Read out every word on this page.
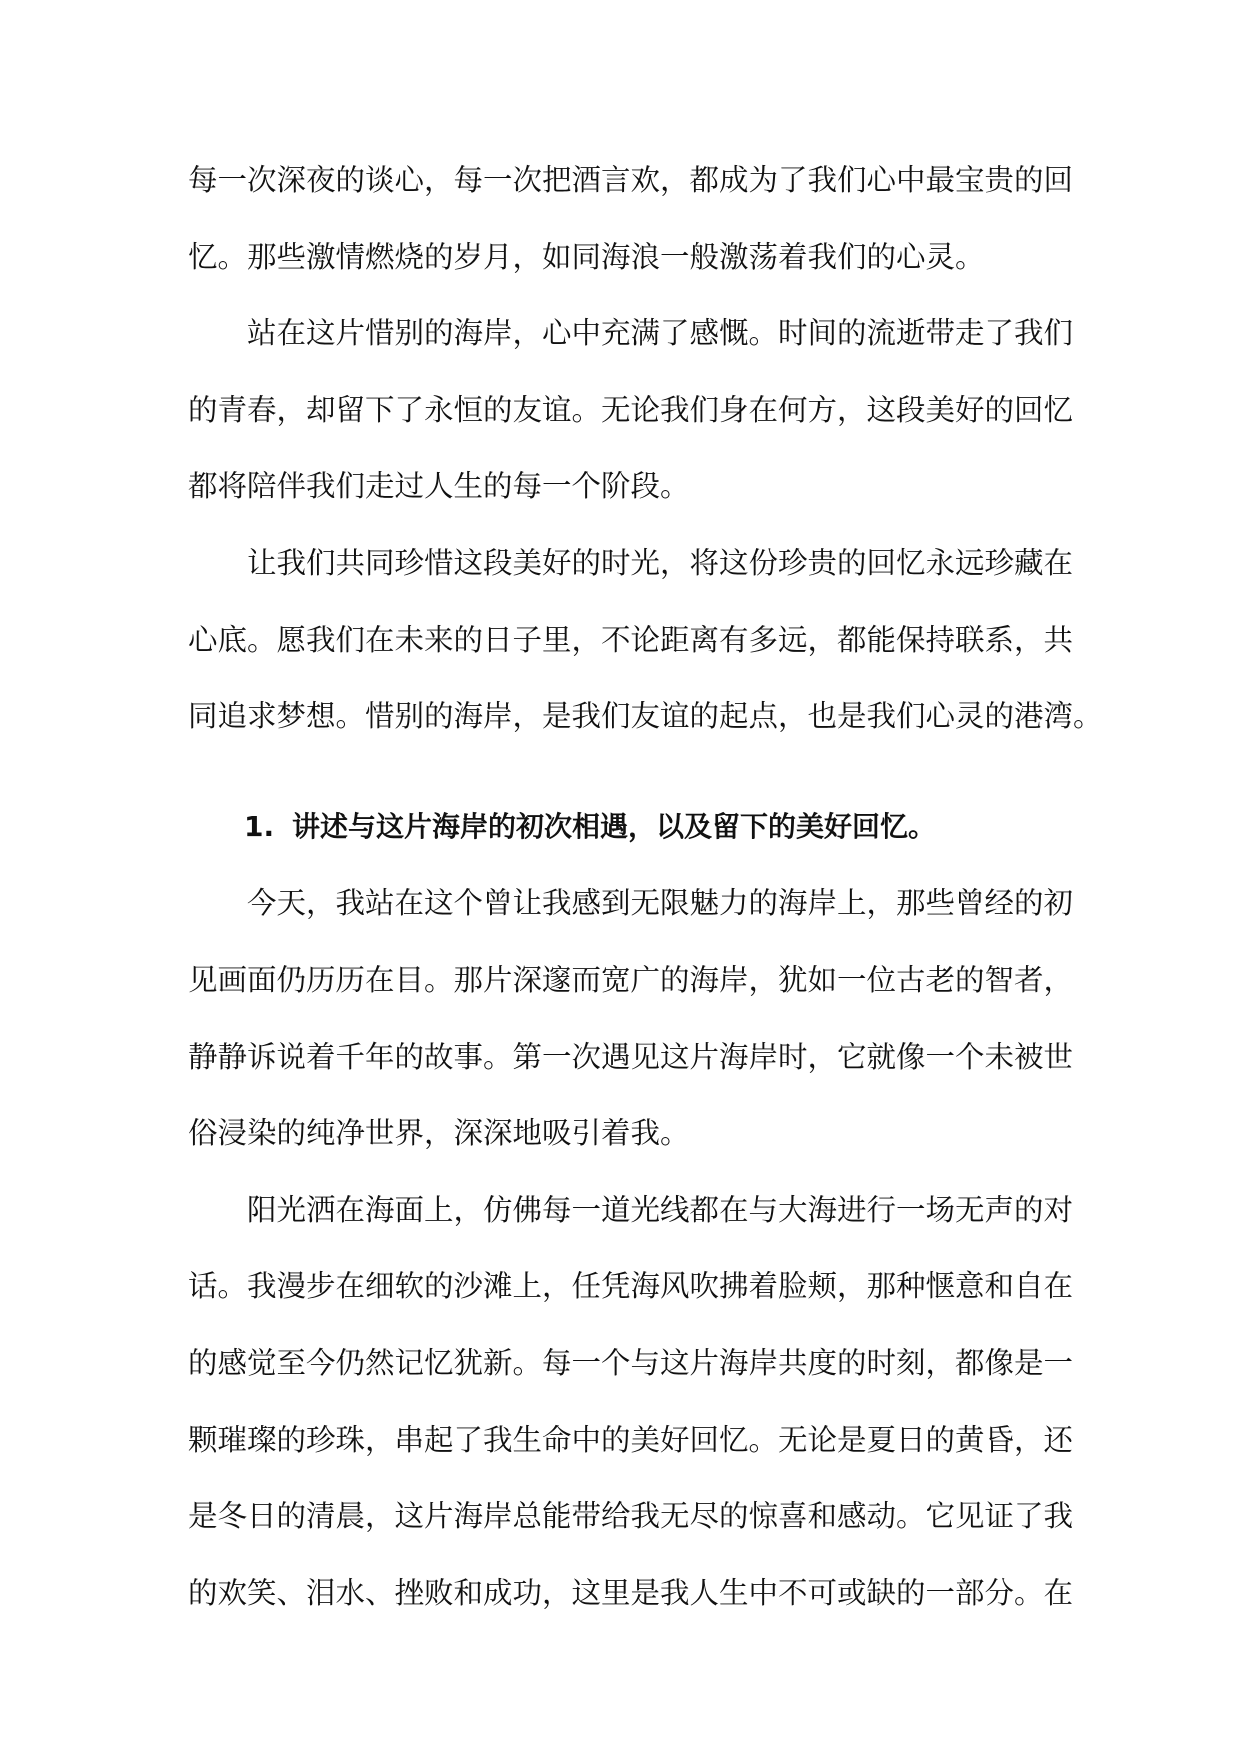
每一次深夜的谈心，每一次把酒言欢，都成为了我们心中最宝贵的回
忆。那些激情燃烧的岁月，如同海浪一般激荡着我们的心灵。
站在这片惜别的海岸，心中充满了感慨。时间的流逝带走了我们
的青春，却留下了永恒的友谊。无论我们身在何方，这段美好的回忆
都将陪伴我们走过人生的每一个阶段。
让我们共同珍惜这段美好的时光，将这份珍贵的回忆永远珍藏在
心底。愿我们在未来的日子里，不论距离有多远，都能保持联系，共
同追求梦想。惜别的海岸，是我们友谊的起点，也是我们心灵的港湾。
1. 讲述与这片海岸的初次相遇，以及留下的美好回忆。
今天，我站在这个曾让我感到无限魅力的海岸上，那些曾经的初
见画面仍历历在目。那片深邃而宽广的海岸，犹如一位古老的智者，
静静诉说着千年的故事。第一次遇见这片海岸时，它就像一个未被世
俗浸染的纯净世界，深深地吸引着我。
阳光洒在海面上，仿佛每一道光线都在与大海进行一场无声的对
话。我漫步在细软的沙滩上，任凭海风吹拂着脸颊，那种惬意和自在
的感觉至今仍然记忆犹新。每一个与这片海岸共度的时刻，都像是一
颗璀璨的珍珠，串起了我生命中的美好回忆。无论是夏日的黄昏，还
是冬日的清晨，这片海岸总能带给我无尽的惊喜和感动。它见证了我
的欢笑、泪水、挫败和成功，这里是我人生中不可或缺的一部分。在
